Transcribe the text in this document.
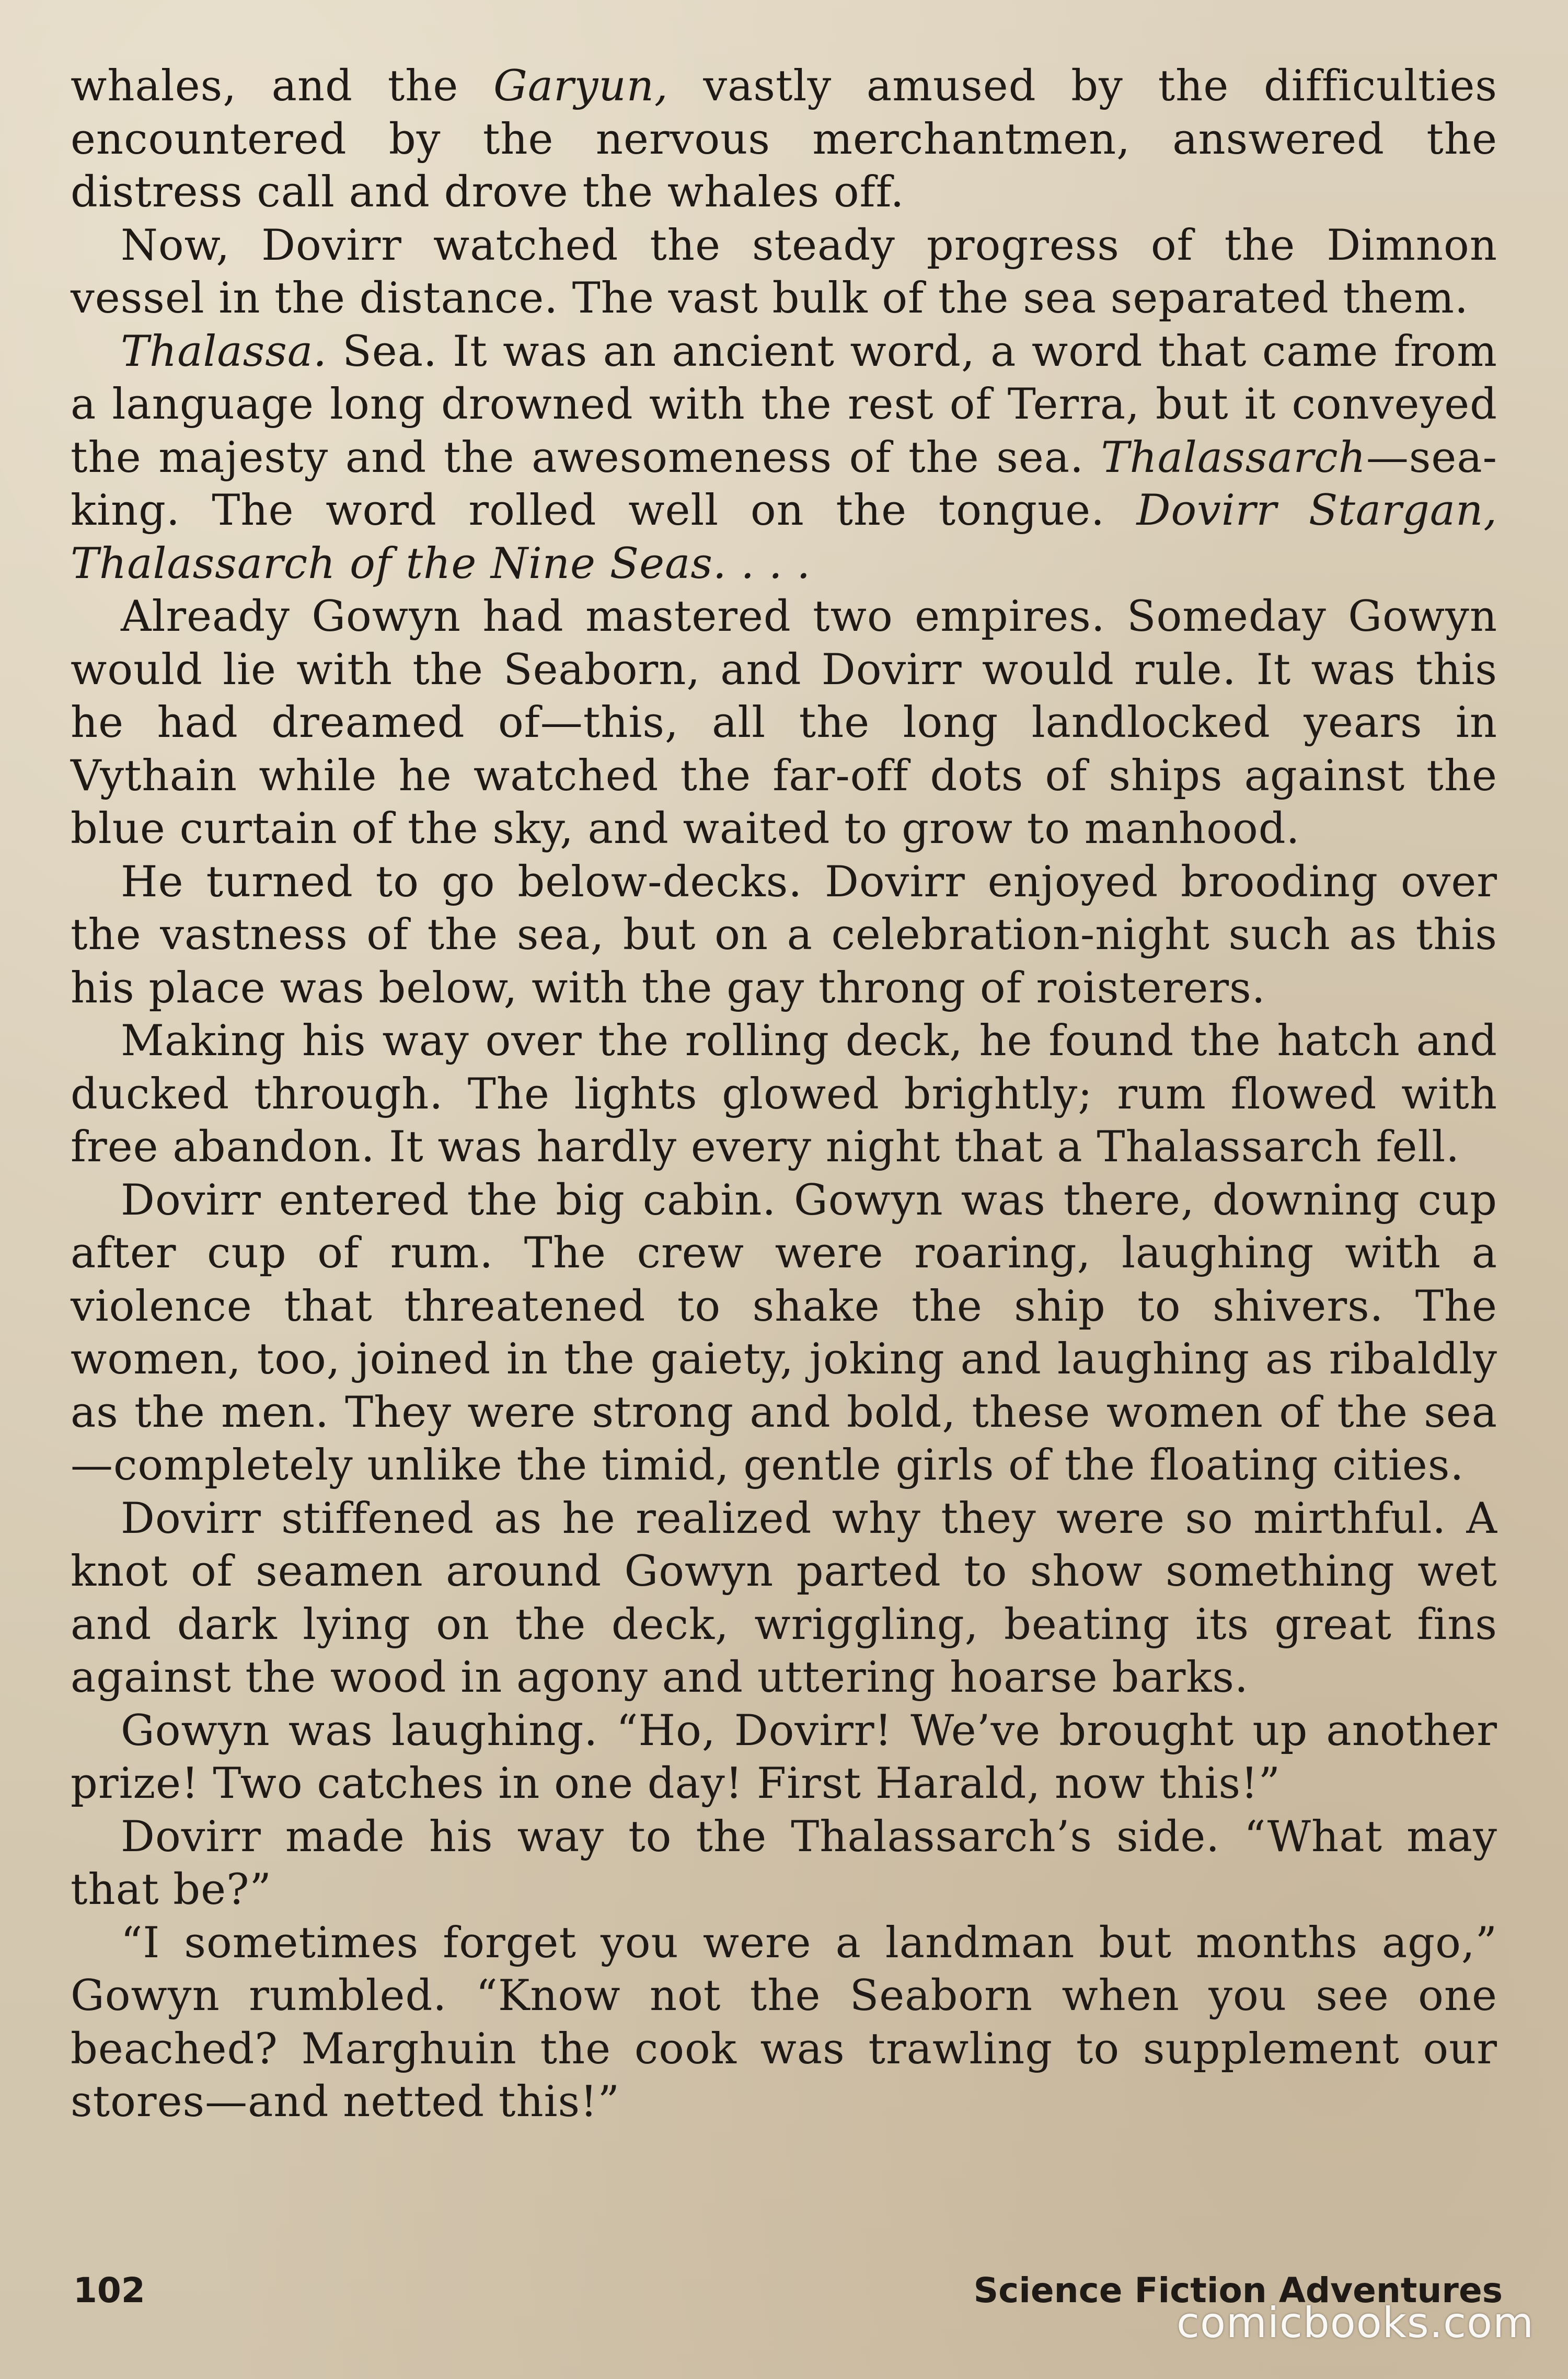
whales, and the Garyun, vastly amused by the difficulties encountered by the nervous merchantmen, answered the distress call and drove the whales off.

Now, Dovirr watched the steady progress of the Dimnon vessel in the distance. The vast bulk of the sea separated them.

Thalassa. Sea. It was an ancient word, a word that came from a language long drowned with the rest of Terra, but it conveyed the majesty and the awesomeness of the sea. Thalassarch—sea-king. The word rolled well on the tongue. Dovirr Stargan, Thalassarch of the Nine Seas. . . .

Already Gowyn had mastered two empires. Someday Gowyn would lie with the Seaborn, and Dovirr would rule. It was this he had dreamed of—this, all the long landlocked years in Vythain while he watched the far-off dots of ships against the blue curtain of the sky, and waited to grow to manhood.

He turned to go below-decks. Dovirr enjoyed brooding over the vastness of the sea, but on a celebration-night such as this his place was below, with the gay throng of roisterers.

Making his way over the rolling deck, he found the hatch and ducked through. The lights glowed brightly; rum flowed with free abandon. It was hardly every night that a Thalassarch fell.

Dovirr entered the big cabin. Gowyn was there, downing cup after cup of rum. The crew were roaring, laughing with a violence that threatened to shake the ship to shivers. The women, too, joined in the gaiety, joking and laughing as ribaldly as the men. They were strong and bold, these women of the sea—completely unlike the timid, gentle girls of the floating cities.

Dovirr stiffened as he realized why they were so mirthful. A knot of seamen around Gowyn parted to show something wet and dark lying on the deck, wriggling, beating its great fins against the wood in agony and uttering hoarse barks.

Gowyn was laughing. “Ho, Dovirr! We’ve brought up another prize! Two catches in one day! First Harald, now this!”

Dovirr made his way to the Thalassarch’s side. “What may that be?”

“I sometimes forget you were a landman but months ago,” Gowyn rumbled. “Know not the Seaborn when you see one beached? Marghuin the cook was trawling to supplement our stores—and netted this!”

102	Science Fiction Adventures
comicbooks.com
